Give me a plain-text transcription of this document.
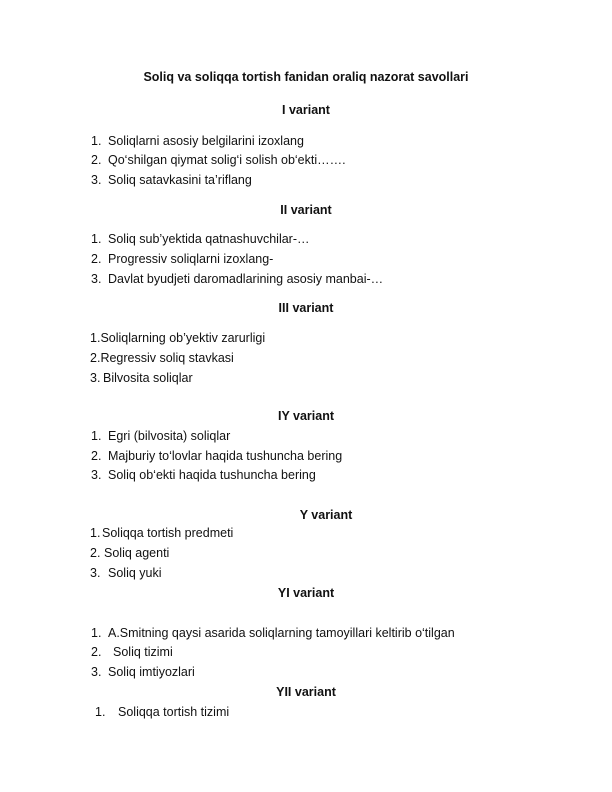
Soliq va soliqqa tortish fanidan oraliq nazorat savollari
I variant
1. Soliqlarni asosiy belgilarini izoxlang
2. Qo‘shilgan qiymat solig‘i solish ob‘ekti…….
3. Soliq satavkasini ta’riflang
II variant
1. Soliq sub’yektida qatnashuvchilar-…
2. Progressiv soliqlarni izoxlang-
3. Davlat byudjeti daromadlarining asosiy manbai-…
III variant
1.Soliqlarning ob’yektiv zarurligi
2.Regressiv soliq stavkasi
3. Bilvosita soliqlar
IY variant
1. Egri (bilvosita) soliqlar
2. Majburiy to‘lovlar haqida tushuncha bering
3. Soliq ob‘ekti haqida tushuncha bering
Y variant
1. Soliqqa tortish predmeti
2. Soliq agenti
3. Soliq yuki
YI variant
1. A.Smitning qaysi asarida soliqlarning tamoyillari keltirib o‘tilgan
2. Soliq tizimi
3. Soliq imtiyozlari
YII variant
1. Soliqqa tortish tizimi
